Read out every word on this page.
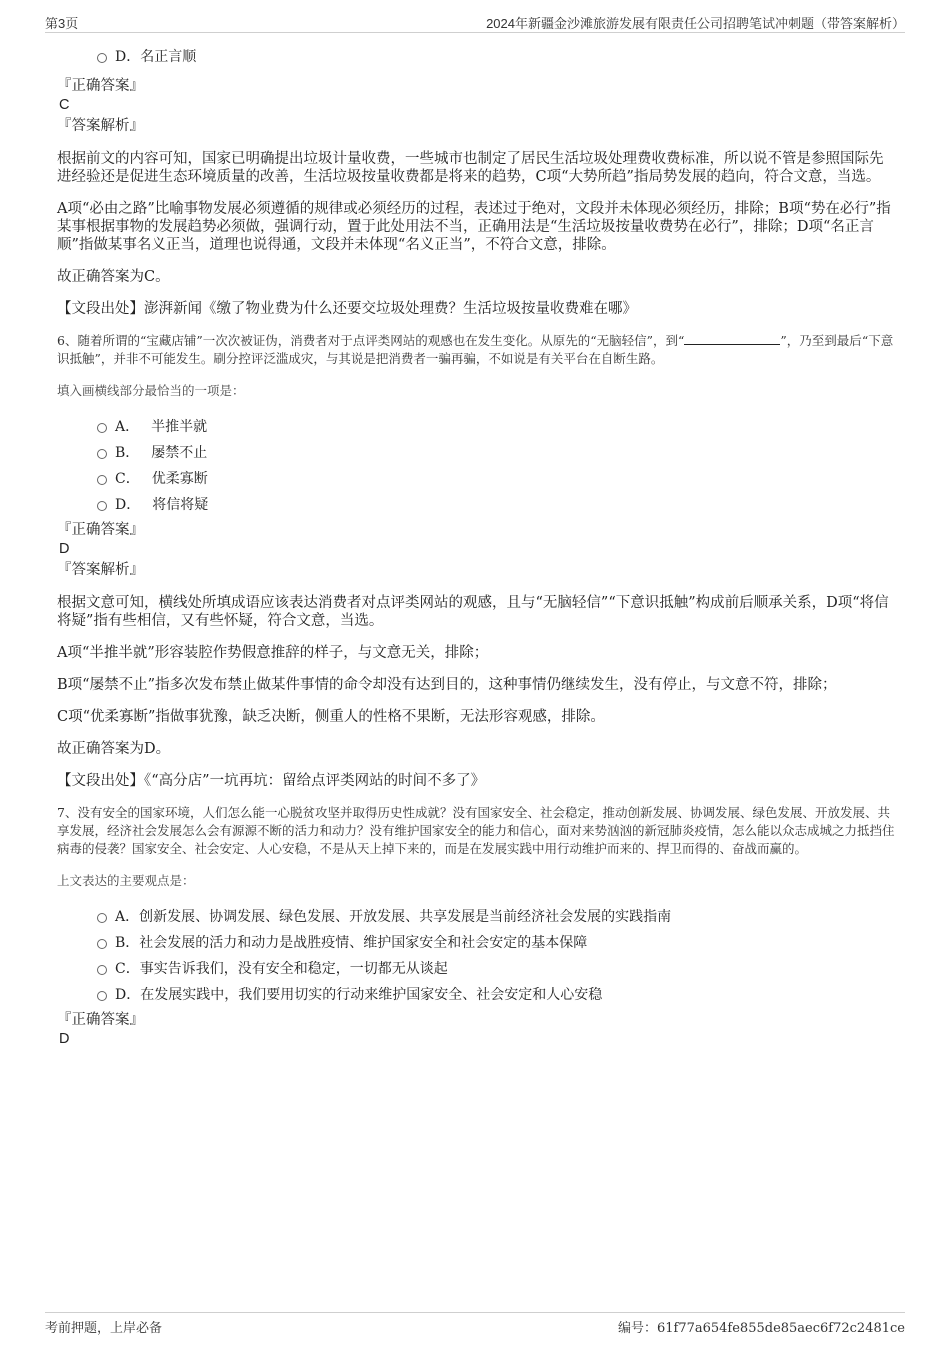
第3页	2024年新疆金沙滩旅游发展有限责任公司招聘笔试冲刺题（带答案解析）
D．名正言顺
『正确答案』
C
『答案解析』

根据前文的内容可知，国家已明确提出垃圾计量收费，一些城市也制定了居民生活垃圾处理费收费标准，所以说不管是参照国际先进经验还是促进生态环境质量的改善，生活垃圾按量收费都是将来的趋势，C项“大势所趋”指局势发展的趋向，符合文意，当选。

A项“必由之路”比喻事物发展必须遵循的规律或必须经历的过程，表述过于绝对，文段并未体现必须经历，排除；B项“势在必行”指某事根据事物的发展趋势必须做，强调行动，置于此处用法不当，正确用法是“生活垃圾按量收费势在必行”，排除；D项“名正言顺”指做某事名义正当，道理也说得通，文段并未体现“名义正当”，不符合文意，排除。

故正确答案为C。

【文段出处】澎湃新闻《缴了物业费为什么还要交垃圾处理费？生活垃圾按量收费难在哪》

6、随着所谓的“宝藏店铺”一次次被证伪，消费者对于点评类网站的观感也在发生变化。从原先的“无脑轻信”，到“	”，乃至到最后“下意识抵触”，并非不可能发生。刷分控评泛滥成灾，与其说是把消费者一骗再骗，不如说是有关平台在自断生路。

填入画横线部分最恰当的一项是：

A． 半推半就
B． 屡禁不止
C． 优柔寡断
D． 将信将疑
『正确答案』
D
『答案解析』

根据文意可知，横线处所填成语应该表达消费者对点评类网站的观感，且与“无脑轻信”“下意识抵触”构成前后顺承关系，D项“将信将疑”指有些相信，又有些怀疑，符合文意，当选。

A项“半推半就”形容装腔作势假意推辞的样子，与文意无关，排除；

B项“屡禁不止”指多次发布禁止做某件事情的命令却没有达到目的，这种事情仍继续发生，没有停止，与文意不符，排除；

C项“优柔寡断”指做事犹豫，缺乏决断，侧重人的性格不果断，无法形容观感，排除。

故正确答案为D。

【文段出处】《“高分店”一坑再坑：留给点评类网站的时间不多了》

7、没有安全的国家环境，人们怎么能一心脱贫攻坚并取得历史性成就？没有国家安全、社会稳定，推动创新发展、协调发展、绿色发展、开放发展、共享发展，经济社会发展怎么会有源源不断的活力和动力？没有维护国家安全的能力和信心，面对来势汹汹的新冠肺炎疫情，怎么能以众志成城之力抵挡住病毒的侵袭？国家安全、社会安定、人心安稳，不是从天上掉下来的，而是在发展实践中用行动维护而来的、捍卫而得的、奋战而赢的。

上文表达的主要观点是：

A．创新发展、协调发展、绿色发展、开放发展、共享发展是当前经济社会发展的实践指南
B．社会发展的活力和动力是战胜疫情、维护国家安全和社会安定的基本保障
C．事实告诉我们，没有安全和稳定，一切都无从谈起
D．在发展实践中，我们要用切实的行动来维护国家安全、社会安定和人心安稳
『正确答案』
D
考前押题，上岸必备	编号：61f77a654fe855de85aec6f72c2481ce
